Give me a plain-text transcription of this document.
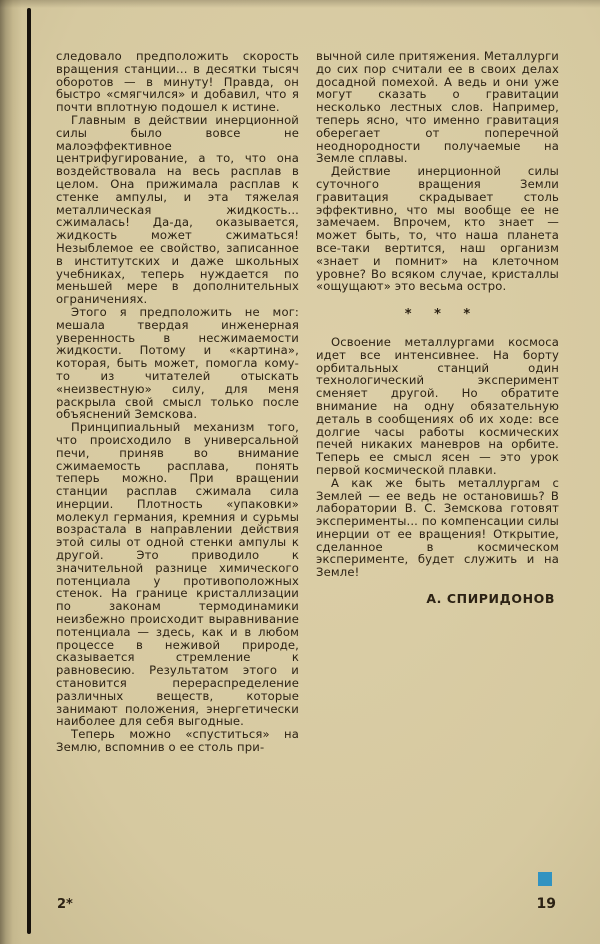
следовало предположить скорость вращения станции... в десятки тысяч оборотов — в минуту! Правда, он быстро «смягчился» и добавил, что я почти вплотную подошел к истине.

Главным в действии инерционной силы было вовсе не малоэффективное центрифугирование, а то, что она воздействовала на весь расплав в целом. Она прижимала расплав к стенке ампулы, и эта тяжелая металлическая жидкость... сжималась! Да-да, оказывается, жидкость может сжиматься! Незыблемое ее свойство, записанное в институтских и даже школьных учебниках, теперь нуждается по меньшей мере в дополнительных ограничениях.

Этого я предположить не мог: мешала твердая инженерная уверенность в несжимаемости жидкости. Потому и «картина», которая, быть может, помогла кому-то из читателей отыскать «неизвестную» силу, для меня раскрыла свой смысл только после объяснений Земскова.

Принципиальный механизм того, что происходило в универсальной печи, приняв во внимание сжимаемость расплава, понять теперь можно. При вращении станции расплав сжимала сила инерции. Плотность «упаковки» молекул германия, кремния и сурьмы возрастала в направлении действия этой силы от одной стенки ампулы к другой. Это приводило к значительной разнице химического потенциала у противоположных стенок. На границе кристаллизации по законам термодинамики неизбежно происходит выравнивание потенциала — здесь, как и в любом процессе в неживой природе, сказывается стремление к равновесию. Результатом этого и становится перераспределение различных веществ, которые занимают положения, энергетически наиболее для себя выгодные.

Теперь можно «спуститься» на Землю, вспомнив о ее столь при-

вычной силе притяжения. Металлурги до сих пор считали ее в своих делах досадной помехой. А ведь и они уже могут сказать о гравитации несколько лестных слов. Например, теперь ясно, что именно гравитация оберегает от поперечной неоднородности получаемые на Земле сплавы.

Действие инерционной силы суточного вращения Земли гравитация скрадывает столь эффективно, что мы вообще ее не замечаем. Впрочем, кто знает — может быть, то, что наша планета все-таки вертится, наш организм «знает и помнит» на клеточном уровне? Во всяком случае, кристаллы «ощущают» это весьма остро.

* * *

Освоение металлургами космоса идет все интенсивнее. На борту орбитальных станций один технологический эксперимент сменяет другой. Но обратите внимание на одну обязательную деталь в сообщениях об их ходе: все долгие часы работы космических печей никаких маневров на орбите. Теперь ее смысл ясен — это урок первой космической плавки.

А как же быть металлургам с Землей — ее ведь не остановишь? В лаборатории В. С. Земскова готовят эксперименты... по компенсации силы инерции от ее вращения! Открытие, сделанное в космическом эксперименте, будет служить и на Земле!

А. СПИРИДОНОВ
2*	19
